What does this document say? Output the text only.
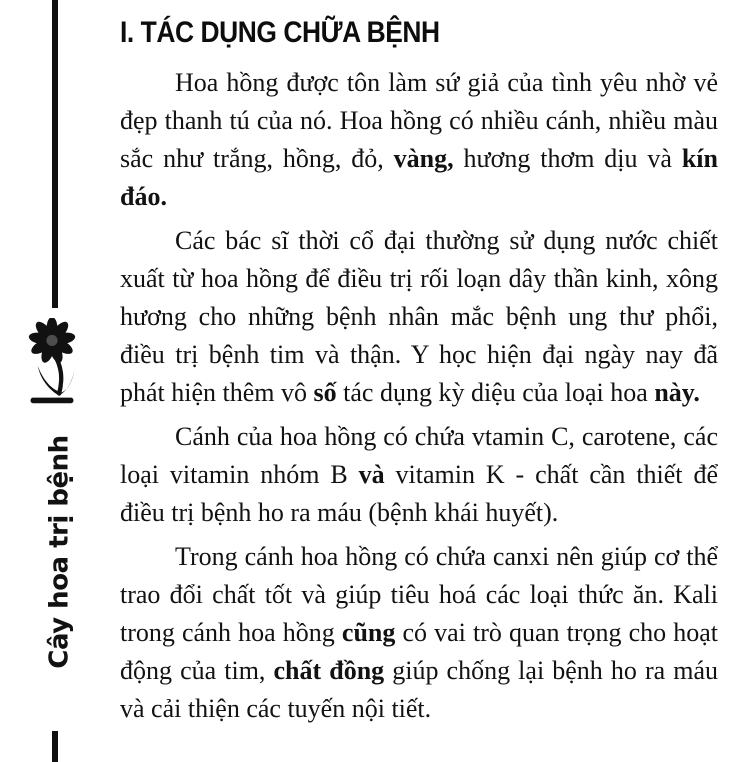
Cây hoa trị bệnh
I. TÁC DỤNG CHỮA BỆNH

Hoa hồng được tôn làm sứ giả của tình yêu nhờ vẻ đẹp thanh tú của nó. Hoa hồng có nhiều cánh, nhiều màu sắc như trắng, hồng, đỏ, vàng, hương thơm dịu và kín đáo.

Các bác sĩ thời cổ đại thường sử dụng nước chiết xuất từ hoa hồng để điều trị rối loạn dây thần kinh, xông hương cho những bệnh nhân mắc bệnh ung thư phổi, điều trị bệnh tim và thận. Y học hiện đại ngày nay đã phát hiện thêm vô số tác dụng kỳ diệu của loại hoa này.

Cánh của hoa hồng có chứa vtamin C, carotene, các loại vitamin nhóm B và vitamin K - chất cần thiết để điều trị bệnh ho ra máu (bệnh khái huyết).

Trong cánh hoa hồng có chứa canxi nên giúp cơ thể trao đổi chất tốt và giúp tiêu hoá các loại thức ăn. Kali trong cánh hoa hồng cũng có vai trò quan trọng cho hoạt động của tim, chất đồng giúp chống lại bệnh ho ra máu và cải thiện các tuyến nội tiết.
